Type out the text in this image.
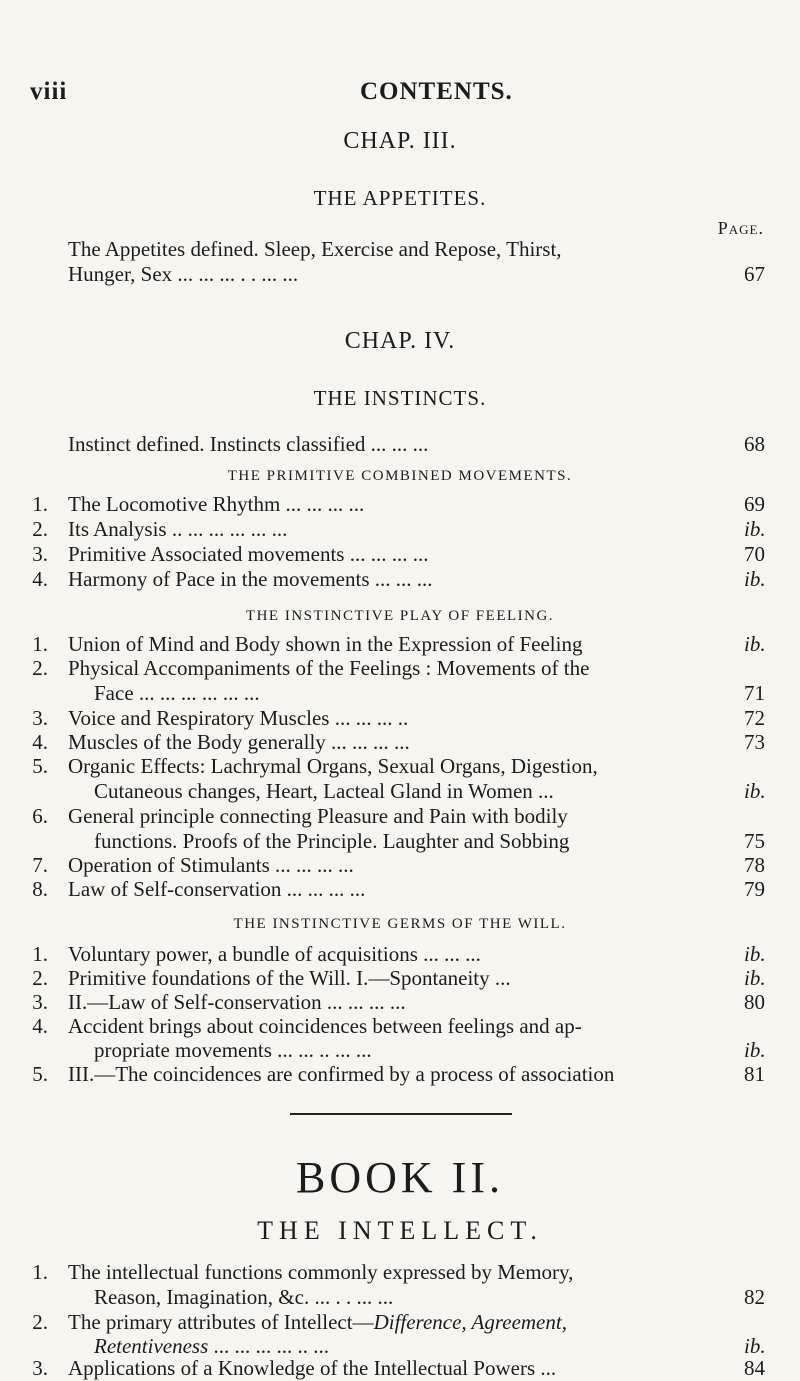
viii	CONTENTS.
CHAP. III.
THE APPETITES.
Page.
The Appetites defined. Sleep, Exercise and Repose, Thirst,
Hunger, Sex ... ... ... . . ... ...	67
CHAP. IV.
THE INSTINCTS.
Instinct defined. Instincts classified ... ... ...	68
THE PRIMITIVE COMBINED MOVEMENTS.
1. The Locomotive Rhythm ... ... ... ...	69
2. Its Analysis .. ... ... ... ... ...	ib.
3. Primitive Associated movements ... ... ... ...	70
4. Harmony of Pace in the movements ... ... ...	ib.
THE INSTINCTIVE PLAY OF FEELING.
1. Union of Mind and Body shown in the Expression of Feeling	ib.
2. Physical Accompaniments of the Feelings : Movements of the
Face ... ... ... ... ... ...	71
3. Voice and Respiratory Muscles ... ... ... ..	72
4. Muscles of the Body generally ... ... ... ...	73
5. Organic Effects: Lachrymal Organs, Sexual Organs, Digestion,
Cutaneous changes, Heart, Lacteal Gland in Women ...	ib.
6. General principle connecting Pleasure and Pain with bodily
functions. Proofs of the Principle. Laughter and Sobbing	75
7. Operation of Stimulants ... ... ... ...	78
8. Law of Self-conservation ... ... ... ...	79
THE INSTINCTIVE GERMS OF THE WILL.
1. Voluntary power, a bundle of acquisitions ... ... ...	ib.
2. Primitive foundations of the Will. I.—Spontaneity ...	ib.
3. II.—Law of Self-conservation ... ... ... ...	80
4. Accident brings about coincidences between feelings and ap-
propriate movements ... ... .. ... ...	ib.
5. III.—The coincidences are confirmed by a process of association	81
BOOK II.
THE INTELLECT.
1. The intellectual functions commonly expressed by Memory,
Reason, Imagination, &c. ... . . ... ...	82
2. The primary attributes of Intellect—Difference, Agreement,
Retentiveness ... ... ... ... .. ...	ib.
3. Applications of a Knowledge of the Intellectual Powers ...	84
